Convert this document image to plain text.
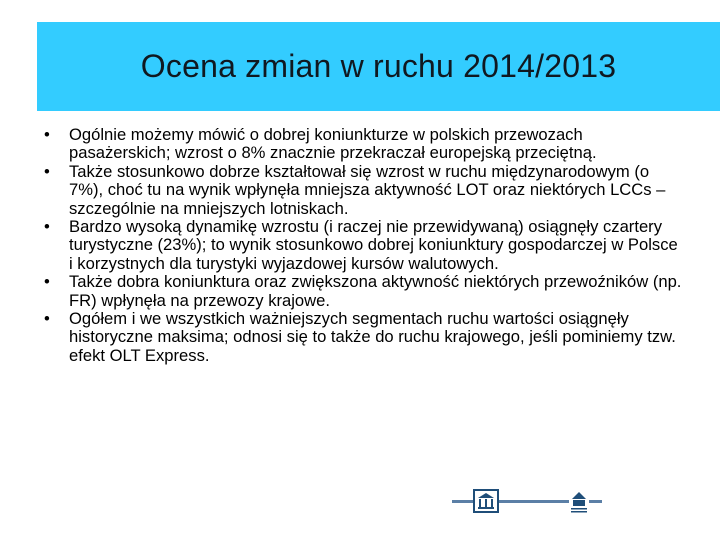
Ocena zmian w ruchu 2014/2013
•	Ogólnie możemy mówić o dobrej koniunkturze w polskich przewozach pasażerskich; wzrost o 8% znacznie przekraczał europejską przeciętną.
•	Także stosunkowo dobrze kształtował się wzrost w ruchu międzynarodowym (o 7%), choć tu na wynik wpłynęła mniejsza aktywność LOT oraz niektórych LCCs – szczególnie na mniejszych lotniskach.
•	Bardzo wysoką dynamikę wzrostu (i raczej nie przewidywaną) osiągnęły czartery turystyczne (23%); to wynik stosunkowo dobrej koniunktury gospodarczej w Polsce i korzystnych dla turystyki wyjazdowej kursów walutowych.
•	Także dobra koniunktura oraz zwiększona aktywność niektórych przewoźników (np. FR) wpłynęła na przewozy krajowe.
•	Ogółem i we wszystkich ważniejszych segmentach ruchu wartości osiągnęły historyczne maksima; odnosi się to także do ruchu krajowego, jeśli pominiemy tzw. efekt OLT Express.
